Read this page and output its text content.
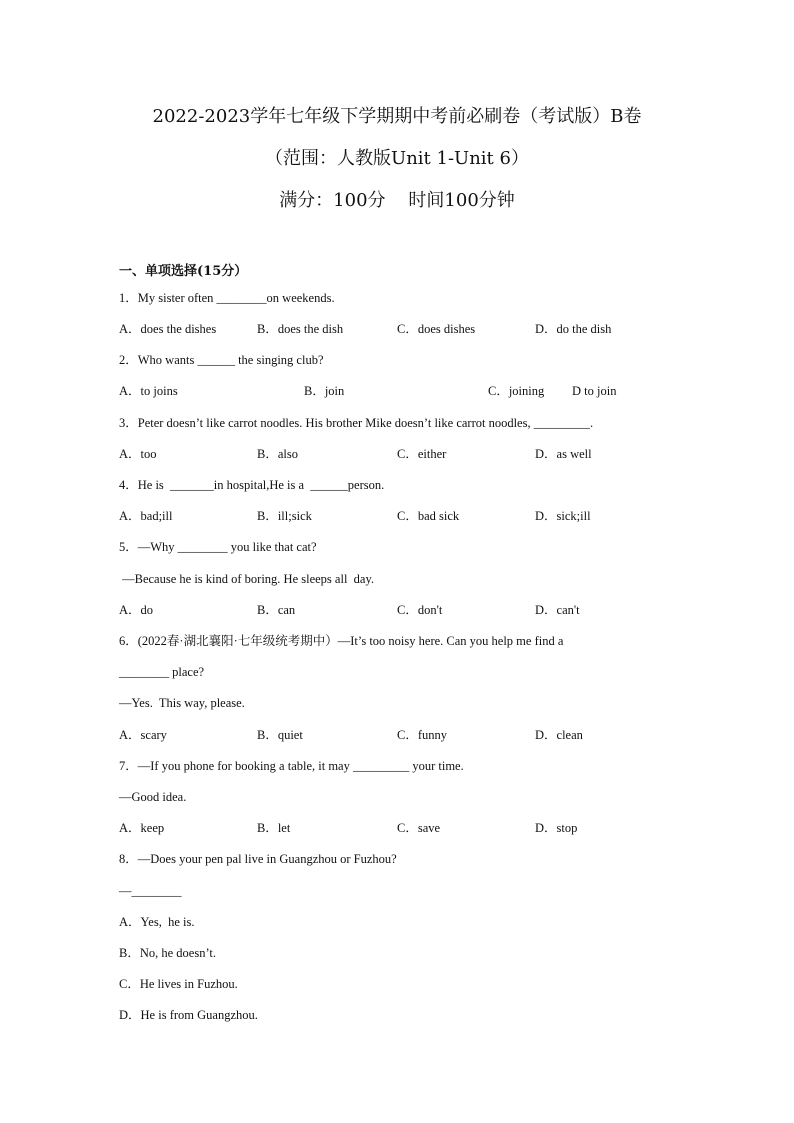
2022-2023学年七年级下学期期中考前必刷卷（考试版）B卷
（范围：人教版Unit 1-Unit 6）
满分：100分    时间100分钟
一、单项选择(15分）
1．My sister often ________on weekends.
A．does the dishes	B．does the dish	C．does dishes	D．do the dish
2．Who wants ______ the singing club?
A．to joins	B．join	C．joining D to join
3．Peter doesn’t like carrot noodles. His brother Mike doesn’t like carrot noodles, _________.
A．too	B．also	C．either	D．as well
4．He is  _______in hospital,He is a  ______person.
A．bad;ill	B．ill;sick	C．bad sick	D．sick;ill
5．—Why ________ you like that cat?
—Because he is kind of boring. He sleeps all  day.
A．do	B．can	C．don't	D．can't
6．(2022春·湖北襄阳·七年级统考期中）—It’s too noisy here. Can you help me find a
________ place?
—Yes.  This way, please.
A．scary	B．quiet	C．funny	D．clean
7．—If you phone for booking a table, it may _________ your time.
—Good idea.
A．keep	B．let	C．save	D．stop
8．—Does your pen pal live in Guangzhou or Fuzhou?
—________
A．Yes,  he is.
B．No, he doesn’t.
C．He lives in Fuzhou.
D．He is from Guangzhou.
